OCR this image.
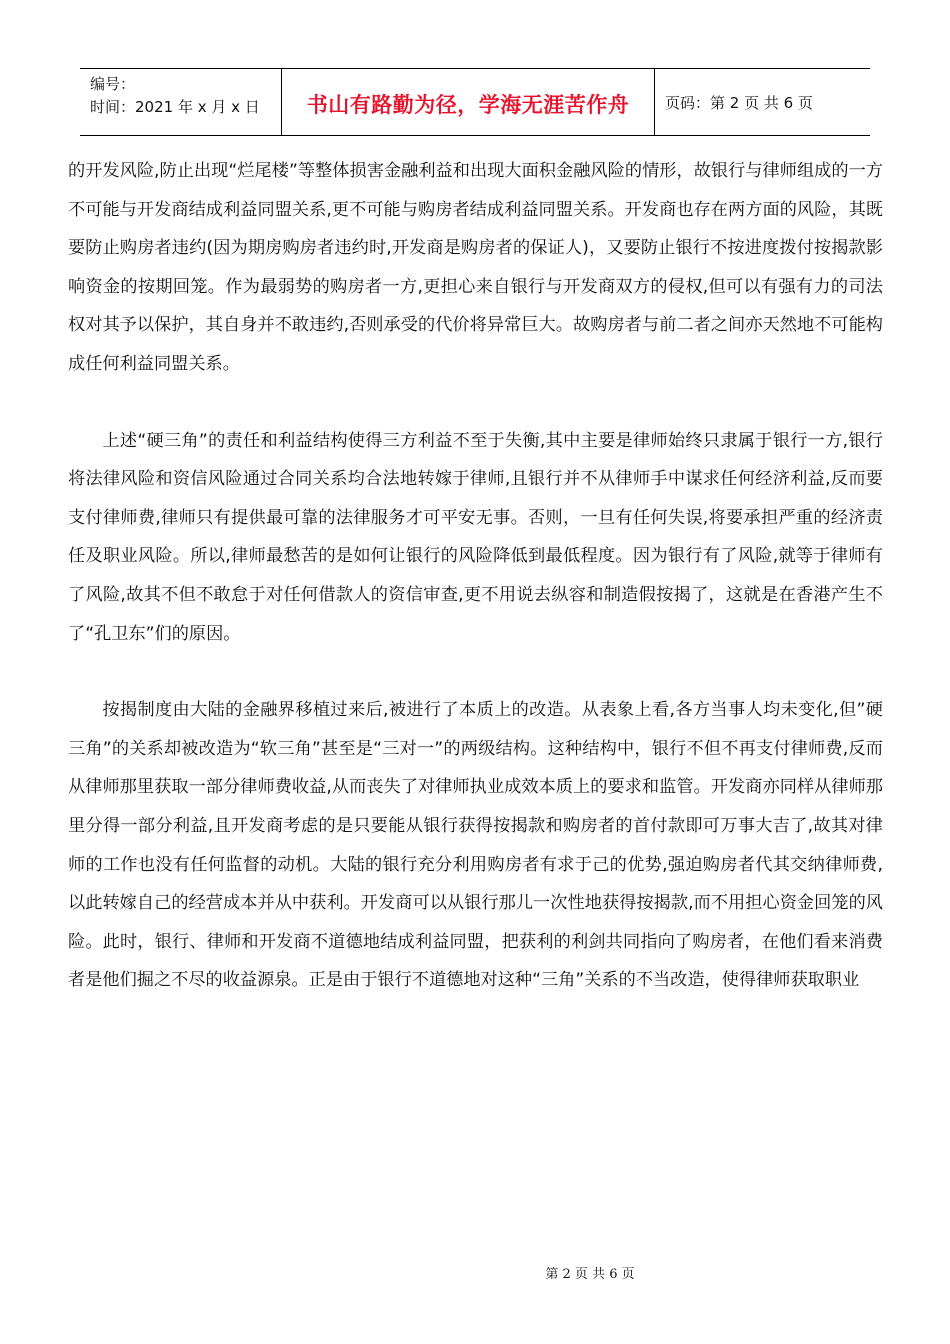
编号：
时间：2021 年 x 月 x 日	书山有路勤为径，学海无涯苦作舟	页码：第 2 页 共 6 页

的开发风险,防止出现“烂尾楼”等整体损害金融利益和出现大面积金融风险的情形，故银行与律师组成的一方不可能与开发商结成利益同盟关系,更不可能与购房者结成利益同盟关系。开发商也存在两方面的风险，其既要防止购房者违约(因为期房购房者违约时,开发商是购房者的保证人)，又要防止银行不按进度拨付按揭款影响资金的按期回笼。作为最弱势的购房者一方,更担心来自银行与开发商双方的侵权,但可以有强有力的司法权对其予以保护，其自身并不敢违约,否则承受的代价将异常巨大。故购房者与前二者之间亦天然地不可能构成任何利益同盟关系。

上述“硬三角”的责任和利益结构使得三方利益不至于失衡,其中主要是律师始终只隶属于银行一方,银行将法律风险和资信风险通过合同关系均合法地转嫁于律师,且银行并不从律师手中谋求任何经济利益,反而要支付律师费,律师只有提供最可靠的法律服务才可平安无事。否则，一旦有任何失误,将要承担严重的经济责任及职业风险。所以,律师最愁苦的是如何让银行的风险降低到最低程度。因为银行有了风险,就等于律师有了风险,故其不但不敢怠于对任何借款人的资信审查,更不用说去纵容和制造假按揭了，这就是在香港产生不了“孔卫东”们的原因。

按揭制度由大陆的金融界移植过来后,被进行了本质上的改造。从表象上看,各方当事人均未变化,但”硬三角”的关系却被改造为“软三角”甚至是“三对一”的两级结构。这种结构中，银行不但不再支付律师费,反而从律师那里获取一部分律师费收益,从而丧失了对律师执业成效本质上的要求和监管。开发商亦同样从律师那里分得一部分利益,且开发商考虑的是只要能从银行获得按揭款和购房者的首付款即可万事大吉了,故其对律师的工作也没有任何监督的动机。大陆的银行充分利用购房者有求于己的优势,强迫购房者代其交纳律师费,以此转嫁自己的经营成本并从中获利。开发商可以从银行那儿一次性地获得按揭款,而不用担心资金回笼的风险。此时，银行、律师和开发商不道德地结成利益同盟，把获利的利剑共同指向了购房者，在他们看来消费者是他们掘之不尽的收益源泉。正是由于银行不道德地对这种“三角”关系的不当改造，使得律师获取职业

第 2 页 共 6 页
